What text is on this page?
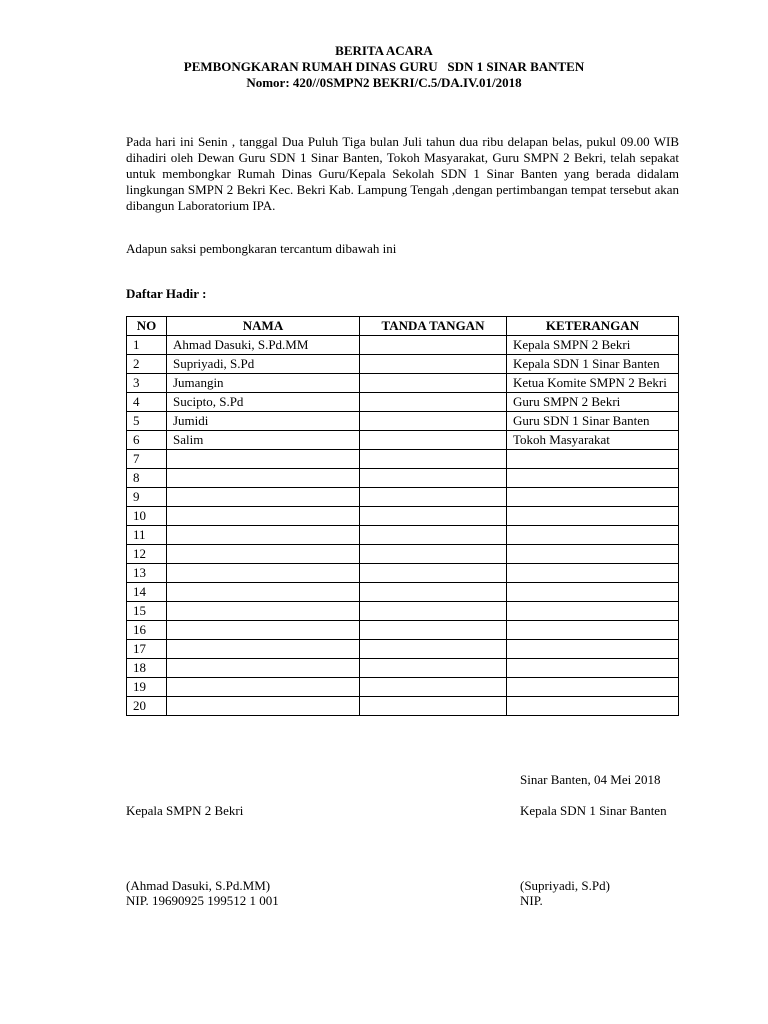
BERITA ACARA
PEMBONGKARAN RUMAH DINAS GURU   SDN 1 SINAR BANTEN
Nomor: 420//0SMPN2 BEKRI/C.5/DA.IV.01/2018
Pada hari ini Senin , tanggal Dua Puluh Tiga bulan Juli tahun dua ribu delapan belas, pukul 09.00 WIB dihadiri oleh Dewan Guru SDN 1 Sinar Banten, Tokoh Masyarakat, Guru SMPN 2 Bekri, telah sepakat untuk membongkar Rumah Dinas Guru/Kepala Sekolah SDN 1 Sinar Banten yang berada didalam lingkungan SMPN 2 Bekri Kec. Bekri Kab. Lampung Tengah ,dengan pertimbangan tempat tersebut akan dibangun Laboratorium IPA.
Adapun saksi pembongkaran tercantum dibawah ini
Daftar Hadir :
NO	NAMA	TANDA TANGAN	KETERANGAN
1	Ahmad Dasuki, S.Pd.MM		Kepala SMPN 2 Bekri
2	Supriyadi, S.Pd		Kepala SDN 1 Sinar Banten
3	Jumangin		Ketua Komite SMPN 2 Bekri
4	Sucipto, S.Pd		Guru SMPN 2 Bekri
5	Jumidi		Guru SDN 1 Sinar Banten
6	Salim		Tokoh Masyarakat
7			
8			
9			
10			
11			
12			
13			
14			
15			
16			
17			
18			
19			
20			
Sinar Banten, 04 Mei 2018
Kepala SMPN 2 Bekri	Kepala SDN 1 Sinar Banten
(Ahmad Dasuki, S.Pd.MM)
NIP. 19690925 199512 1 001
(Supriyadi, S.Pd)
NIP.
